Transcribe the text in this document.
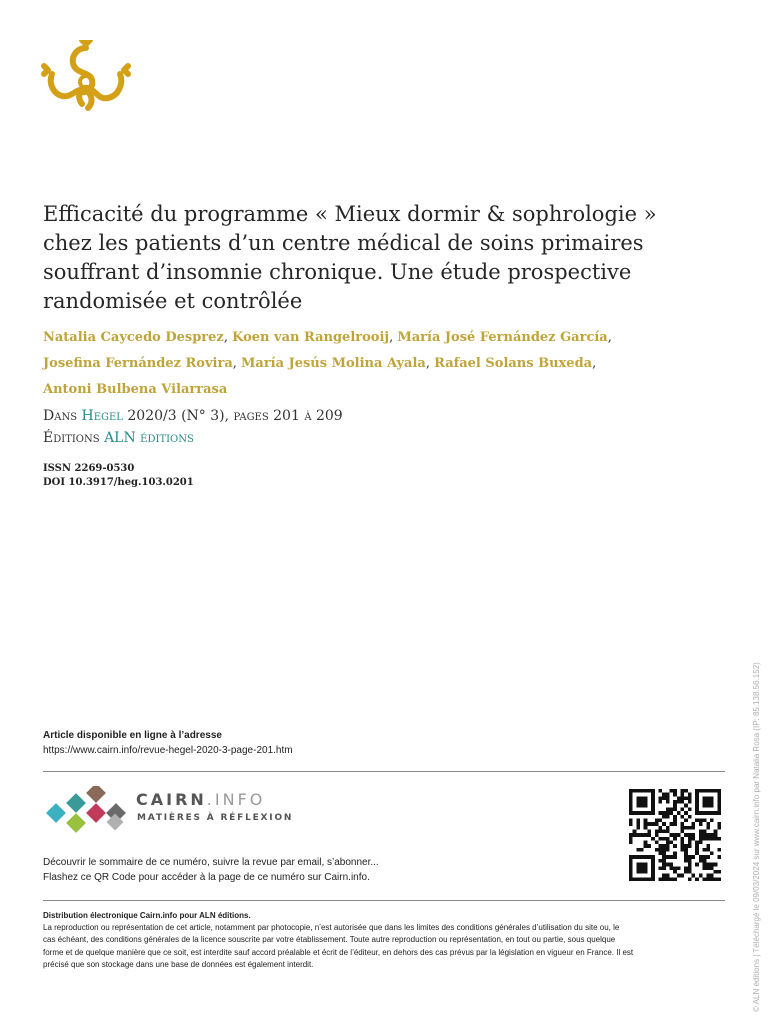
Efficacité du programme « Mieux dormir & sophrologie »
chez les patients d’un centre médical de soins primaires
souffrant d’insomnie chronique. Une étude prospective
randomisée et contrôlée
Natalia Caycedo Desprez, Koen van Rangelrooij, María José Fernández García,
Josefina Fernández Rovira, María Jesús Molina Ayala, Rafael Solans Buxeda,
Antoni Bulbena Vilarrasa
Dans Hegel 2020/3 (N° 3), pages 201 à 209
Éditions ALN éditions
ISSN 2269-0530
DOI 10.3917/heg.103.0201
Article disponible en ligne à l’adresse
https://www.cairn.info/revue-hegel-2020-3-page-201.htm
CAIRN.INFO
MATIÈRES À RÉFLEXION
Découvrir le sommaire de ce numéro, suivre la revue par email, s’abonner...
Flashez ce QR Code pour accéder à la page de ce numéro sur Cairn.info.
Distribution électronique Cairn.info pour ALN éditions.
La reproduction ou représentation de cet article, notamment par photocopie, n’est autorisée que dans les limites des conditions générales d’utilisation du site ou, le
cas échéant, des conditions générales de la licence souscrite par votre établissement. Toute autre reproduction ou représentation, en tout ou partie, sous quelque
forme et de quelque manière que ce soit, est interdite sauf accord préalable et écrit de l’éditeur, en dehors des cas prévus par la législation en vigueur en France. Il est
précisé que son stockage dans une base de données est également interdit.	© ALN éditions | Téléchargé le 09/03/2024 sur www.cairn.info par Natalia Rosa (IP: 85.138.56.152)
